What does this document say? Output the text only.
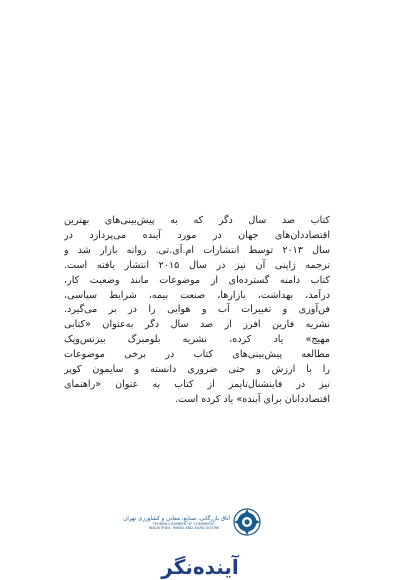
کتاب صد سال دگر که به پیش‌بینی‌های بهترین
اقتصاددان‌های جهان در مورد آینده می‌پردازد در
سال ۲۰۱۳ توسط انتشارات ام.آی.تی. روانه بازار شد و
ترجمه ژاپنی آن نیز در سال ۲۰۱۵ انتشار یافته است.
کتاب دامنه گسترده‌ای از موضوعات مانند وضعیت کار،
درآمد، بهداشت، بازارها، صنعت بیمه، شرایط سیاسی،
فن‌آوری و تغییرات آب و هوایی را در بر می‌گیرد.
نشریه فارین افرز از صد سال دگر به‌عنوان «کتابی
مهیج» یاد کرده، نشریه بلومبرگ بیزنس‌ویک
مطالعه پیش‌بینی‌های کتاب در برخی موضوعات
را با ارزش و حتی ضروری دانسته و سایمون کوپر
نیز در فاینشنال‌تایمز از کتاب به عنوان «راهنمای
اقتصاددانان برای آینده» یاد کرده است.
اتاق بازرگانی، صنایع، معادن و کشاورزی تهران
TEHRAN CHAMBER OF COMMERCE,
INDUSTRIES, MINES AND AGRICULTURE
آینده‌نگر
